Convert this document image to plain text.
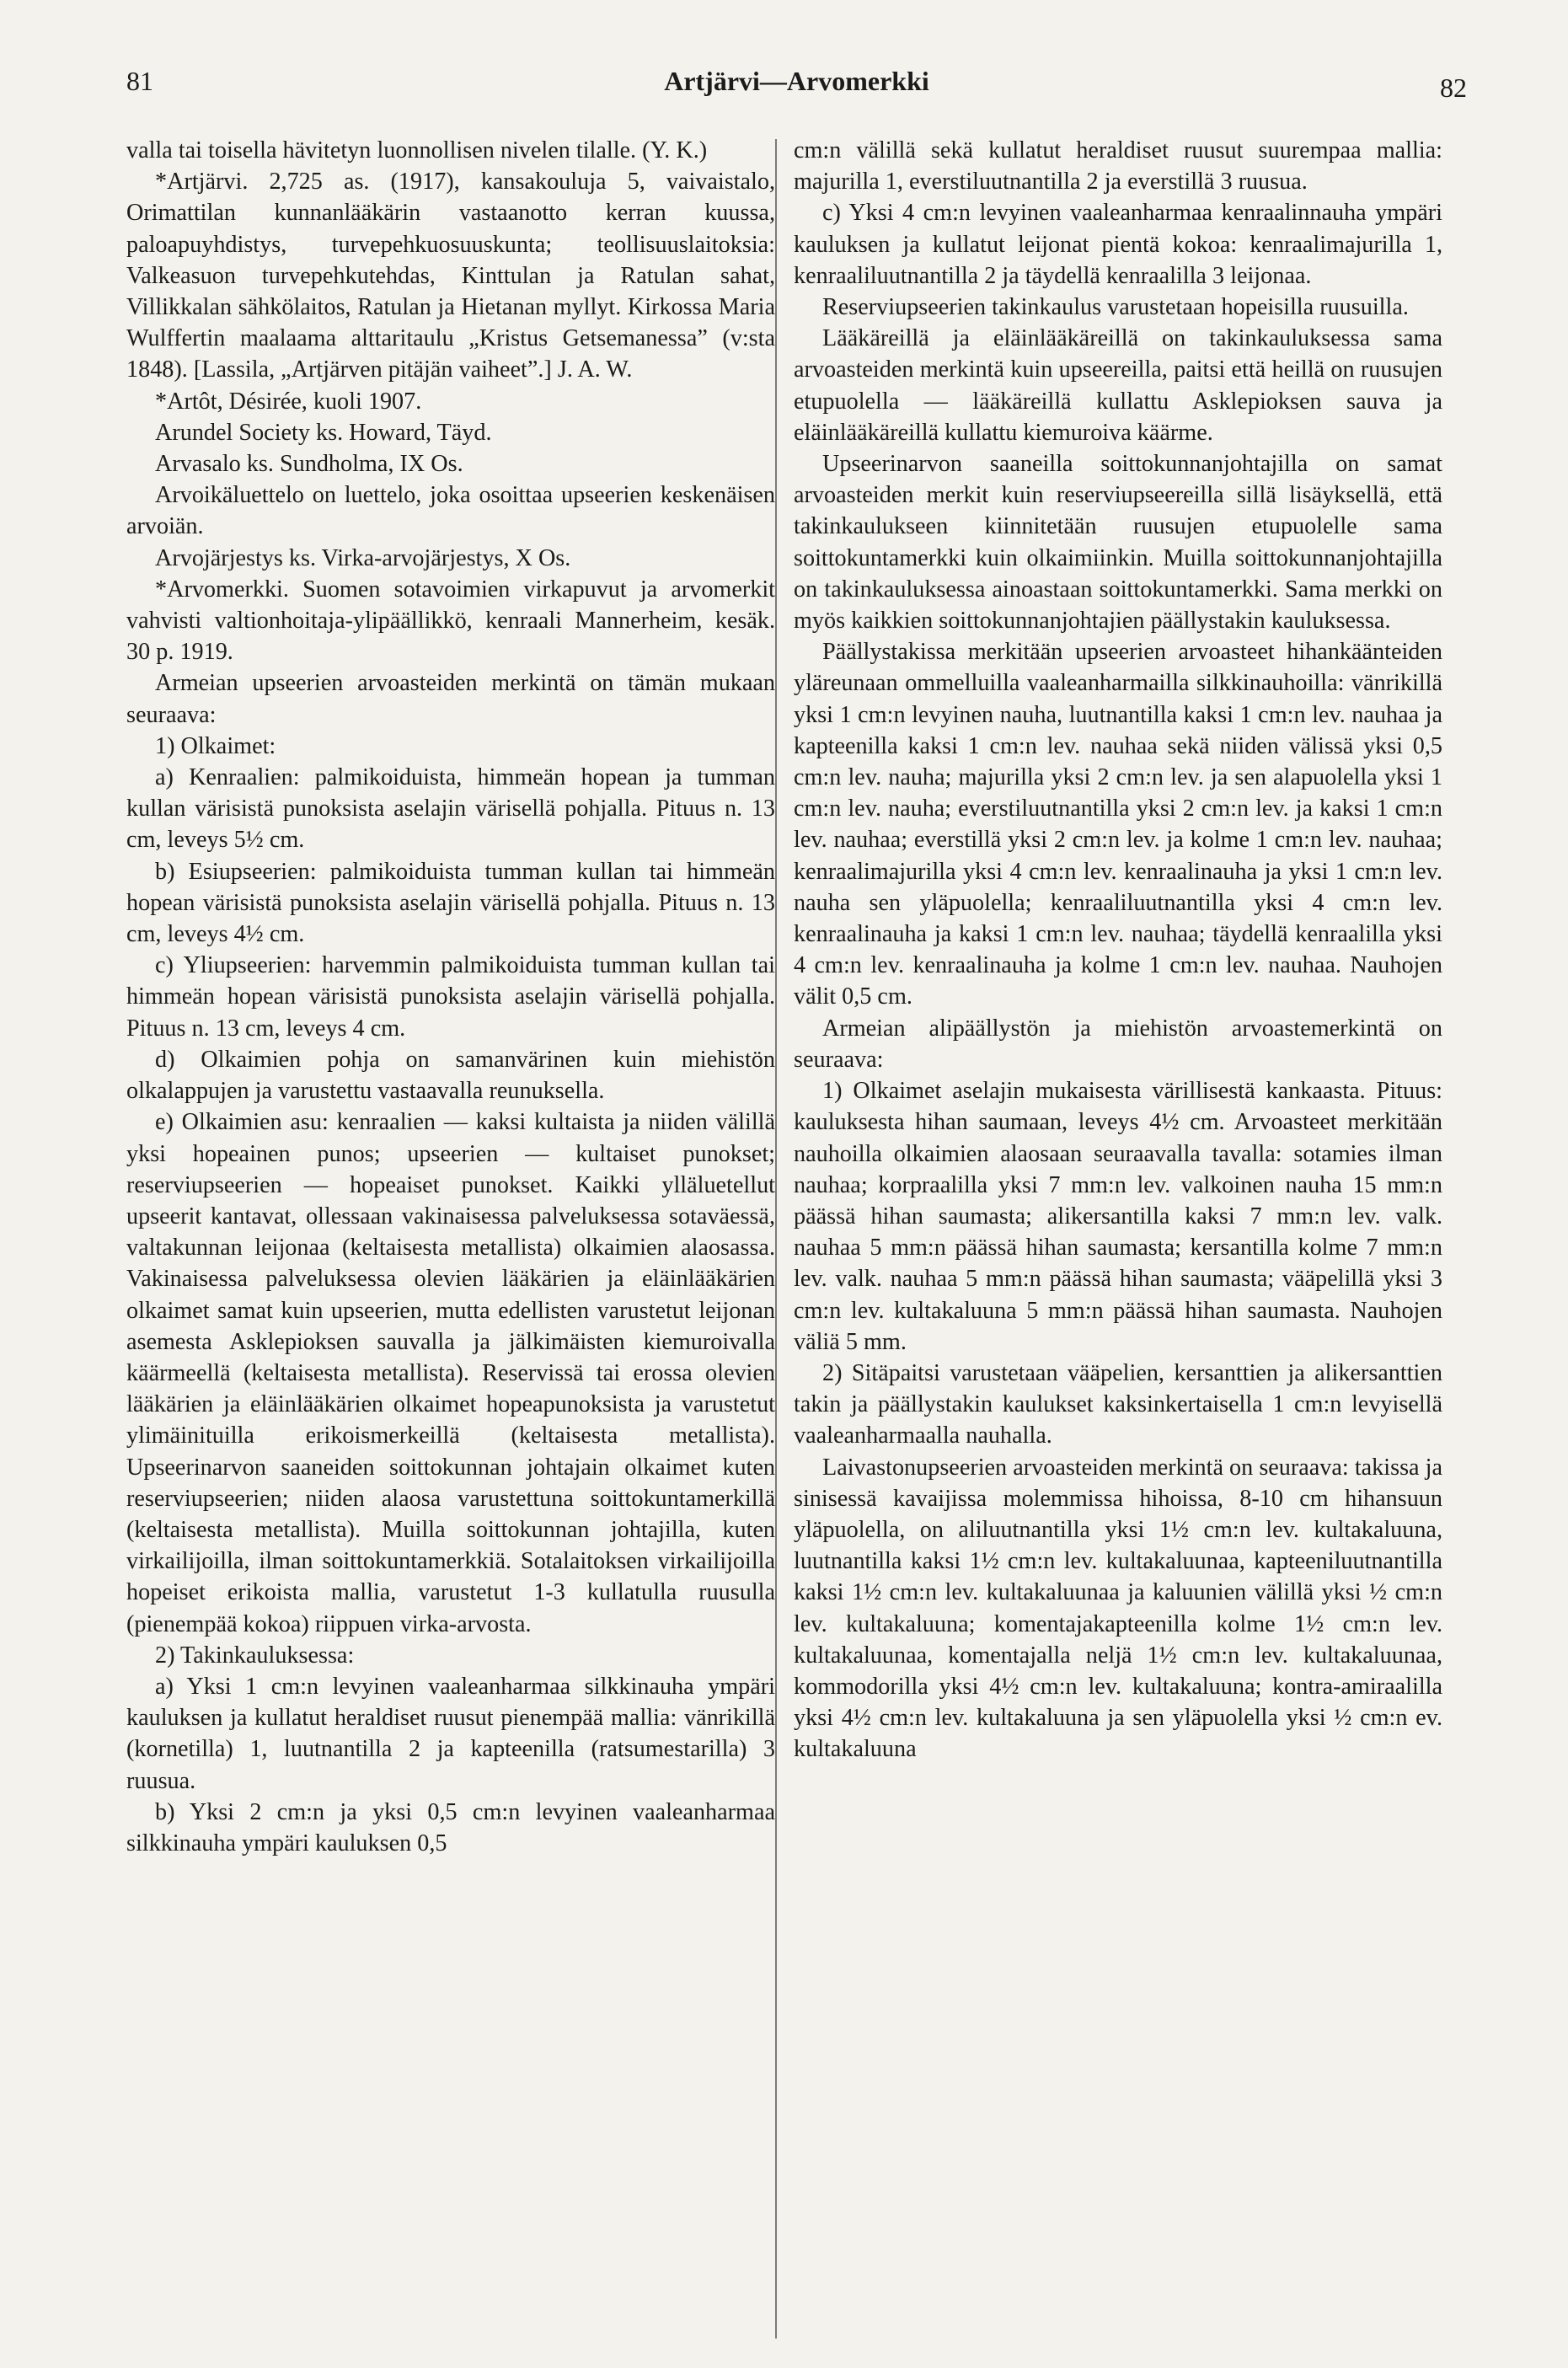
81	Artjärvi—Arvomerkki	82

valla tai toisella hävitetyn luonnollisen nivelen tilalle. (Y. K.)

*Artjärvi. 2,725 as. (1917), kansakouluja 5, vaivaistalo, Orimattilan kunnanlääkärin vastaanotto kerran kuussa, paloapuyhdistys, turvepehkuosuuskunta; teollisuuslaitoksia: Valkeasuon turvepehkutehdas, Kinttulan ja Ratulan sahat, Villikkalan sähkölaitos, Ratulan ja Hietanan myllyt. Kirkossa Maria Wulffertin maalaama alttaritaulu „Kristus Getsemanessa” (v:sta 1848). [Lassila, „Artjärven pitäjän vaiheet”.] J. A. W.

*Artôt, Désirée, kuoli 1907.

Arundel Society ks. Howard, Täyd.

Arvasalo ks. Sundholma, IX Os.

Arvoikäluettelo on luettelo, joka osoittaa upseerien keskenäisen arvoiän.

Arvojärjestys ks. Virka-arvojärjestys, X Os.

*Arvomerkki. Suomen sotavoimien virkapuvut ja arvomerkit vahvisti valtionhoitaja-ylipäällikkö, kenraali Mannerheim, kesäk. 30 p. 1919.

Armeian upseerien arvoasteiden merkintä on tämän mukaan seuraava:

1) Olkaimet:

a) Kenraalien: palmikoiduista, himmeän hopean ja tumman kullan värisistä punoksista aselajin värisellä pohjalla. Pituus n. 13 cm, leveys 5½ cm.

b) Esiupseerien: palmikoiduista tumman kullan tai himmeän hopean värisistä punoksista aselajin värisellä pohjalla. Pituus n. 13 cm, leveys 4½ cm.

c) Yliupseerien: harvemmin palmikoiduista tumman kullan tai himmeän hopean värisistä punoksista aselajin värisellä pohjalla. Pituus n. 13 cm, leveys 4 cm.

d) Olkaimien pohja on samanvärinen kuin miehistön olkalappujen ja varustettu vastaavalla reunuksella.

e) Olkaimien asu: kenraalien — kaksi kultaista ja niiden välillä yksi hopeainen punos; upseerien — kultaiset punokset; reserviupseerien — hopeaiset punokset. Kaikki ylläluetellut upseerit kantavat, ollessaan vakinaisessa palveluksessa sotaväessä, valtakunnan leijonaa (keltaisesta metallista) olkaimien alaosassa. Vakinaisessa palveluksessa olevien lääkärien ja eläinlääkärien olkaimet samat kuin upseerien, mutta edellisten varustetut leijonan asemesta Asklepioksen sauvalla ja jälkimäisten kiemuroivalla käärmeellä (keltaisesta metallista). Reservissä tai erossa olevien lääkärien ja eläinlääkärien olkaimet hopeapunoksista ja varustetut ylimäinituilla erikoismerkeillä (keltaisesta metallista). Upseerinarvon saaneiden soittokunnan johtajain olkaimet kuten reserviupseerien; niiden alaosa varustettuna soittokuntamerkillä (keltaisesta metallista). Muilla soittokunnan johtajilla, kuten virkailijoilla, ilman soittokuntamerkkiä. Sotalaitoksen virkailijoilla hopeiset erikoista mallia, varustetut 1-3 kullatulla ruusulla (pienempää kokoa) riippuen virka-arvosta.

2) Takinkauluksessa:

a) Yksi 1 cm:n levyinen vaaleanharmaa silkkinauha ympäri kauluksen ja kullatut heraldiset ruusut pienempää mallia: vänrikillä (kornetilla) 1, luutnantilla 2 ja kapteenilla (ratsumestarilla) 3 ruusua.

b) Yksi 2 cm:n ja yksi 0,5 cm:n levyinen vaaleanharmaa silkkinauha ympäri kauluksen 0,5

cm:n välillä sekä kullatut heraldiset ruusut suurempaa mallia: majurilla 1, everstiluutnantilla 2 ja everstillä 3 ruusua.

c) Yksi 4 cm:n levyinen vaaleanharmaa kenraalinnauha ympäri kauluksen ja kullatut leijonat pientä kokoa: kenraalimajurilla 1, kenraaliluutnantilla 2 ja täydellä kenraalilla 3 leijonaa.

Reserviupseerien takinkaulus varustetaan hopeisilla ruusuilla.

Lääkäreillä ja eläinlääkäreillä on takinkauluksessa sama arvoasteiden merkintä kuin upseereilla, paitsi että heillä on ruusujen etupuolella — lääkäreillä kullattu Asklepioksen sauva ja eläinlääkäreillä kullattu kiemuroiva käärme.

Upseerinarvon saaneilla soittokunnanjohtajilla on samat arvoasteiden merkit kuin reserviupseereilla sillä lisäyksellä, että takinkaulukseen kiinnitetään ruusujen etupuolelle sama soittokuntamerkki kuin olkaimiinkin. Muilla soittokunnanjohtajilla on takinkauluksessa ainoastaan soittokuntamerkki. Sama merkki on myös kaikkien soittokunnanjohtajien päällystakin kauluksessa.

Päällystakissa merkitään upseerien arvoasteet hihankäänteiden yläreunaan ommelluilla vaaleanharmailla silkkinauhoilla: vänrikillä yksi 1 cm:n levyinen nauha, luutnantilla kaksi 1 cm:n lev. nauhaa ja kapteenilla kaksi 1 cm:n lev. nauhaa sekä niiden välissä yksi 0,5 cm:n lev. nauha; majurilla yksi 2 cm:n lev. ja sen alapuolella yksi 1 cm:n lev. nauha; everstiluutnantilla yksi 2 cm:n lev. ja kaksi 1 cm:n lev. nauhaa; everstillä yksi 2 cm:n lev. ja kolme 1 cm:n lev. nauhaa; kenraalimajurilla yksi 4 cm:n lev. kenraalinauha ja yksi 1 cm:n lev. nauha sen yläpuolella; kenraaliluutnantilla yksi 4 cm:n lev. kenraalinauha ja kaksi 1 cm:n lev. nauhaa; täydellä kenraalilla yksi 4 cm:n lev. kenraalinauha ja kolme 1 cm:n lev. nauhaa. Nauhojen välit 0,5 cm.

Armeian alipäällystön ja miehistön arvoastemerkintä on seuraava:

1) Olkaimet aselajin mukaisesta värillisestä kankaasta. Pituus: kauluksesta hihan saumaan, leveys 4½ cm. Arvoasteet merkitään nauhoilla olkaimien alaosaan seuraavalla tavalla: sotamies ilman nauhaa; korpraalilla yksi 7 mm:n lev. valkoinen nauha 15 mm:n päässä hihan saumasta; alikersantilla kaksi 7 mm:n lev. valk. nauhaa 5 mm:n päässä hihan saumasta; kersantilla kolme 7 mm:n lev. valk. nauhaa 5 mm:n päässä hihan saumasta; vääpelillä yksi 3 cm:n lev. kultakaluuna 5 mm:n päässä hihan saumasta. Nauhojen väliä 5 mm.

2) Sitäpaitsi varustetaan vääpelien, kersanttien ja alikersanttien takin ja päällystakin kaulukset kaksinkertaisella 1 cm:n levyisellä vaaleanharmaalla nauhalla.

Laivastonupseerien arvoasteiden merkintä on seuraava: takissa ja sinisessä kavaijissa molemmissa hihoissa, 8-10 cm hihansuun yläpuolella, on aliluutnantilla yksi 1½ cm:n lev. kultakaluuna, luutnantilla kaksi 1½ cm:n lev. kultakaluunaa, kapteeniluutnantilla kaksi 1½ cm:n lev. kultakaluunaa ja kaluunien välillä yksi ½ cm:n lev. kultakaluuna; komentajakapteenilla kolme 1½ cm:n lev. kultakaluunaa, komentajalla neljä 1½ cm:n lev. kultakaluunaa, kommodorilla yksi 4½ cm:n lev. kultakaluuna; kontra-amiraalilla yksi 4½ cm:n lev. kultakaluuna ja sen yläpuolella yksi ½ cm:n ev. kultakaluuna
